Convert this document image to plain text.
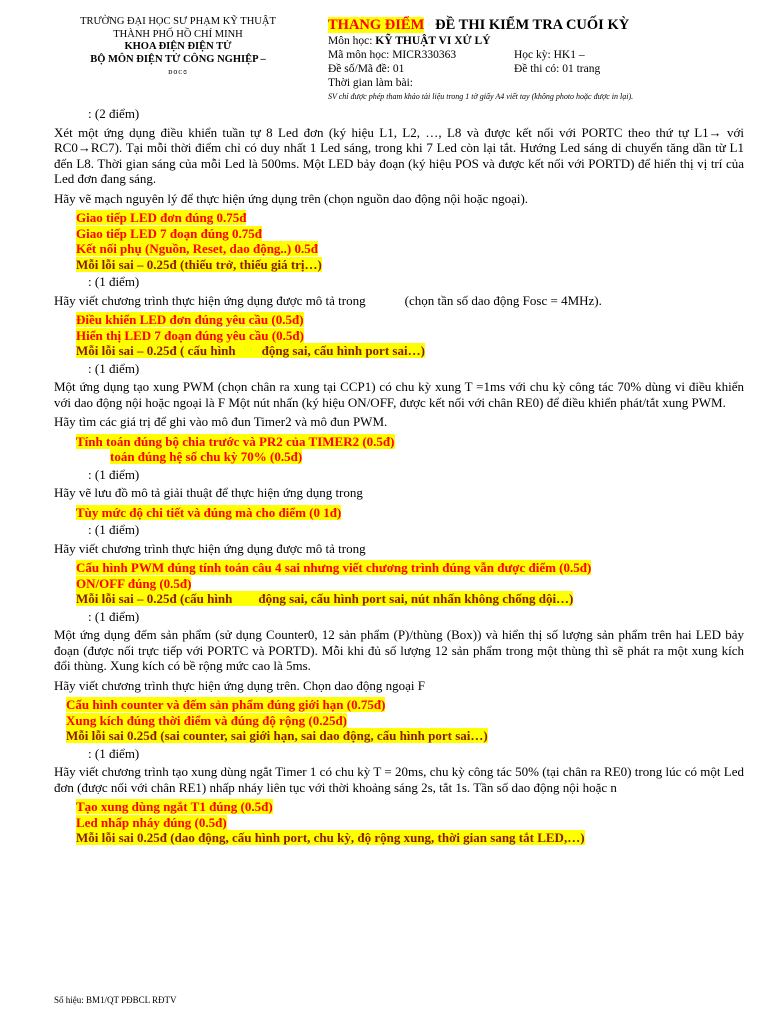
TRƯỜNG ĐẠI HỌC SƯ PHẠM KỸ THUẬT
THÀNH PHỐ HỒ CHÍ MINH
KHOA ĐIỆN ĐIỆN TỬ
BỘ MÔN ĐIỆN TỬ CÔNG NGHIỆP –
ᴅᴏᴄɞ
THANG ĐIỂM ĐỀ THI KIỂM TRA CUỐI KỲ
Môn học: KỸ THUẬT VI XỬ LÝ
Mã môn học: MICR330363	Học kỳ: HK1 –
Đề số/Mã đề: 01	Đề thi có: 01 trang
Thời gian làm bài:
SV chỉ được phép tham khảo tài liệu trong 1 tờ giấy A4 viết tay (không photo hoặc được in lại).
: (2 điểm)
Xét một ứng dụng điều khiển tuần tự 8 Led đơn (ký hiệu L1, L2, …, L8 và được kết nối với PORTC theo thứ tự L1→ với RC0→RC7). Tại mỗi thời điểm chỉ có duy nhất 1 Led sáng, trong khi 7 Led còn lại tắt. Hướng Led sáng di chuyển tăng dần từ L1 đến L8. Thời gian sáng của mỗi Led là 500ms. Một LED bảy đoạn (ký hiệu POS và được kết nối với PORTD) để hiển thị vị trí của Led đơn đang sáng.
Hãy vẽ mạch nguyên lý để thực hiện ứng dụng trên (chọn nguồn dao động nội hoặc ngoại).
Giao tiếp LED đơn đúng 0.75đ
Giao tiếp LED 7 đoạn đúng 0.75đ
Kết nối phụ (Nguồn, Reset, dao động..) 0.5đ
Mỗi lỗi sai – 0.25đ (thiếu trở, thiếu giá trị…)
: (1 điểm)
Hãy viết chương trình thực hiện ứng dụng được mô tả trong            (chọn tần số dao động Fosc = 4MHz).
Điều khiển LED đơn đúng yêu cầu (0.5đ)
Hiển thị LED 7 đoạn đúng yêu cầu (0.5đ)
Mỗi lỗi sai – 0.25đ ( cấu hình        động sai, cấu hình port sai…)
: (1 điểm)
Một ứng dụng tạo xung PWM (chọn chân ra xung tại CCP1) có chu kỳ xung T =1ms với chu kỳ công tác 70% dùng vi điều khiển với dao động nội hoặc ngoại là F Một nút nhấn (ký hiệu ON/OFF, được kết nối với chân RE0) để điều khiển phát/tắt xung PWM.
Hãy tìm các giá trị để ghi vào mô đun Timer2 và mô đun PWM.
Tính toán đúng bộ chia trước và PR2 của TIMER2 (0.5đ)
toán đúng hệ số chu kỳ 70% (0.5đ)
: (1 điểm)
Hãy vẽ lưu đồ mô tả giải thuật để thực hiện ứng dụng trong
Tùy mức độ chi tiết và đúng mà cho điểm (0 1đ)
: (1 điểm)
Hãy viết chương trình thực hiện ứng dụng được mô tả trong
Cấu hình PWM đúng tính toán câu 4 sai nhưng viết chương trình đúng vẫn được điểm (0.5đ)
ON/OFF đúng (0.5đ)
Mỗi lỗi sai – 0.25đ (cấu hình        động sai, cấu hình port sai, nút nhấn không chống dội…)
: (1 điểm)
Một ứng dụng đếm sản phẩm (sử dụng Counter0, 12 sản phẩm (P)/thùng (Box)) và hiển thị số lượng sản phẩm trên hai LED bảy đoạn (được nối trực tiếp với PORTC và PORTD). Mỗi khi đủ số lượng 12 sản phẩm trong một thùng thì sẽ phát ra một xung kích đổi thùng. Xung kích có bề rộng mức cao là 5ms.
Hãy viết chương trình thực hiện ứng dụng trên. Chọn dao động ngoại F
Cấu hình counter và đếm sản phẩm đúng giới hạn (0.75đ)
Xung kích đúng thời điểm và đúng độ rộng (0.25đ)
Mỗi lỗi sai 0.25đ (sai counter, sai giới hạn, sai dao động, cấu hình port sai…)
: (1 điểm)
Hãy viết chương trình tạo xung dùng ngắt Timer 1 có chu kỳ T = 20ms, chu kỳ công tác 50% (tại chân ra RE0) trong lúc có một Led đơn (được nối với chân RE1) nhấp nháy liên tục với thời khoảng sáng 2s, tắt 1s. Tần số dao động nội hoặc n
Tạo xung dùng ngắt T1 đúng (0.5đ)
Led nhấp nháy đúng (0.5đ)
Mỗi lỗi sai 0.25đ (dao động, cấu hình port, chu kỳ, độ rộng xung, thời gian sang tắt LED,…)
Số hiệu: BM1/QT PĐBCL RĐTV
